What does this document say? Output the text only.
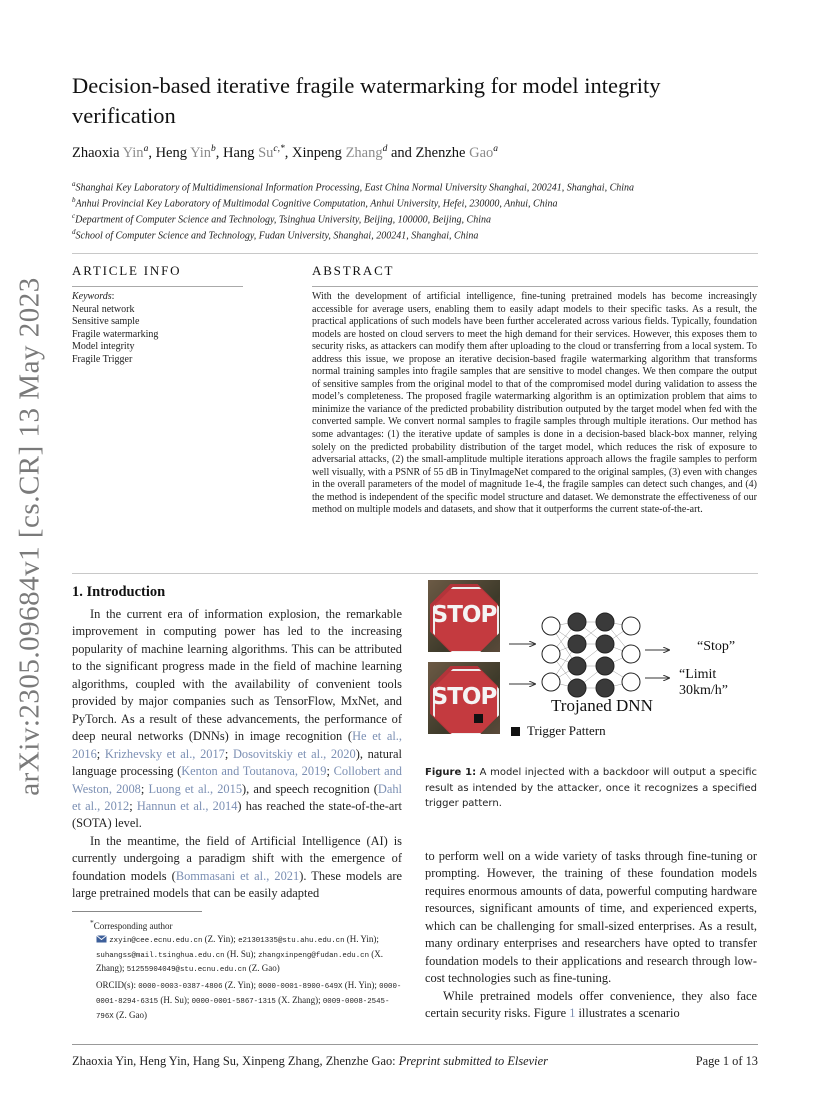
arXiv:2305.09684v1 [cs.CR] 13 May 2023
Decision-based iterative fragile watermarking for model integrity verification
Zhaoxia Yin$^a$, Heng Yin$^b$, Hang $Su^{c,*}$, Xinpeng Zhang$^d$ and Zhenzhe Gao$^a$
$^a$Shanghai Key Laboratory of Multidimensional Information Processing, East China Normal University Shanghai, 200241, Shanghai, China
$^b$Anhui Provincial Key Laboratory of Multimodal Cognitive Computation, Anhui University, Hefei, 230000, Anhui, China
$^c$Department of Computer Science and Technology, Tsinghua University, Beijing, 100000, Beijing, China
$^d$School of Computer Science and Technology, Fudan University, Shanghai, 200241, Shanghai, China
ARTICLE INFO
Keywords:
Neural network
Sensitive sample
Fragile watermarking
Model integrity
Fragile Trigger
ABSTRACT
With the development of artificial intelligence, fine-tuning pretrained models has become increasingly accessible for average users, enabling them to easily adapt models to their specific tasks. As a result, the practical applications of such models have been further accelerated across various fields. Typically, foundation models are hosted on cloud servers to meet the high demand for their services. However, this exposes them to security risks, as attackers can modify them after uploading to the cloud or transferring from a local system. To address this issue, we propose an iterative decision-based fragile watermarking algorithm that transforms normal training samples into fragile samples that are sensitive to model changes. We then compare the output of sensitive samples from the original model to that of the compromised model during validation to assess the model’s completeness. The proposed fragile watermarking algorithm is an optimization problem that aims to minimize the variance of the predicted probability distribution outputed by the target model when fed with the converted sample. We convert normal samples to fragile samples through multiple iterations. Our method has some advantages: (1) the iterative update of samples is done in a decision-based black-box manner, relying solely on the predicted probability distribution of the target model, which reduces the risk of exposure to adversarial attacks, (2) the small-amplitude multiple iterations approach allows the fragile samples to perform well visually, with a PSNR of 55 dB in TinyImageNet compared to the original samples, (3) even with changes in the overall parameters of the model of magnitude 1e-4, the fragile samples can detect such changes, and (4) the method is independent of the specific model structure and dataset. We demonstrate the effectiveness of our method on multiple models and datasets, and show that it outperforms the current state-of-the-art.
1. Introduction

In the current era of information explosion, the remarkable improvement in computing power has led to the increasing popularity of machine learning algorithms. This can be attributed to the significant progress made in the field of machine learning algorithms, coupled with the availability of convenient tools provided by major companies such as TensorFlow, MxNet, and PyTorch. As a result of these advancements, the performance of deep neural networks (DNNs) in image recognition (He et al., 2016; Krizhevsky et al., 2017; Dosovitskiy et al., 2020), natural language processing (Kenton and Toutanova, 2019; Collobert and Weston, 2008; Luong et al., 2015), and speech recognition (Dahl et al., 2012; Hannun et al., 2014) has reached the state-of-the-art (SOTA) level.

In the meantime, the field of Artificial Intelligence (AI) is currently undergoing a paradigm shift with the emergence of foundation models (Bommasani et al., 2021). These models are large pretrained models that can be easily adapted

*Corresponding author
zxyin@cee.ecnu.edu.cn (Z. Yin); e21301335@stu.ahu.edu.cn (H. Yin); suhangss@mail.tsinghua.edu.cn (H. Su); zhangxinpeng@fudan.edu.cn (X. Zhang); 51255904049@stu.ecnu.edu.cn (Z. Gao)
ORCID(s): 0000-0003-0387-4806 (Z. Yin); 0000-0001-8900-649X (H. Yin); 0000-0001-8294-6315 (H. Su); 0000-0001-5867-1315 (X. Zhang); 0009-0008-2545-796X (Z. Gao)
STOP
STOP
“Stop”
“Limit 30km/h”
Trojaned DNN
Trigger Pattern
Figure 1: A model injected with a backdoor will output a specific result as intended by the attacker, once it recognizes a specified trigger pattern.

to perform well on a wide variety of tasks through fine-tuning or prompting. However, the training of these foundation models requires enormous amounts of data, powerful computing hardware resources, significant amounts of time, and experienced experts, which can be challenging for small-sized enterprises. As a result, many ordinary enterprises and researchers have opted to transfer foundation models to their applications and research through low-cost technologies such as fine-tuning.

While pretrained models offer convenience, they also face certain security risks. Figure 1 illustrates a scenario

Zhaoxia Yin, Heng Yin, Hang Su, Xinpeng Zhang, Zhenzhe Gao: Preprint submitted to Elsevier	Page 1 of 13
